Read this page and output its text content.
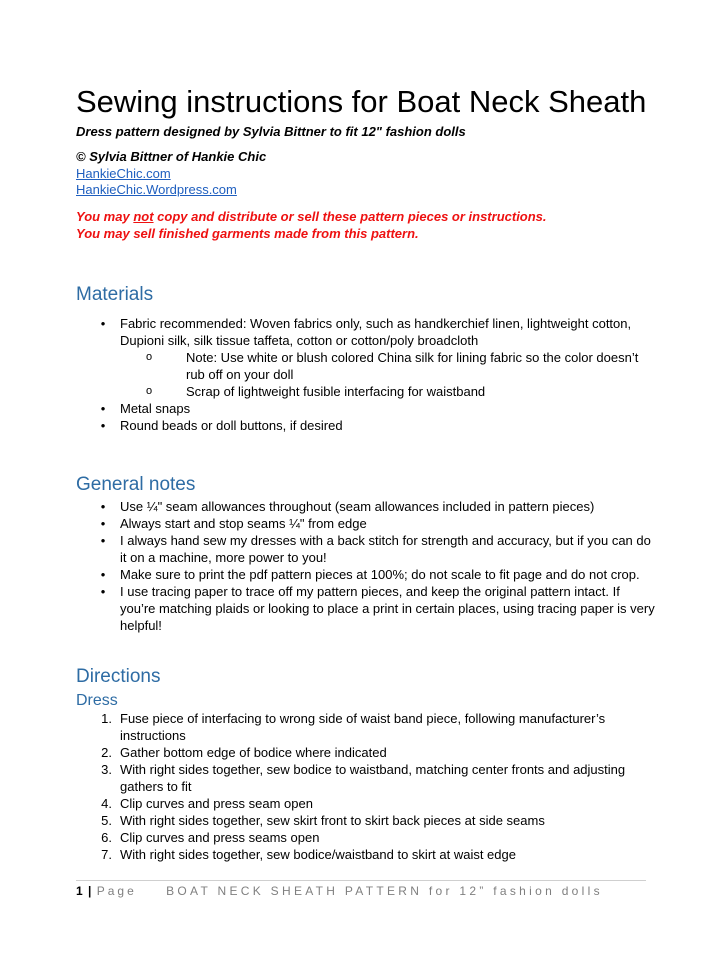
Sewing instructions for Boat Neck Sheath
Dress pattern designed by Sylvia Bittner to fit 12" fashion dolls
© Sylvia Bittner of Hankie Chic
HankieChic.com
HankieChic.Wordpress.com
You may not copy and distribute or sell these pattern pieces or instructions.
You may sell finished garments made from this pattern.
Materials
•	Fabric recommended: Woven fabrics only, such as handkerchief linen, lightweight cotton, Dupioni silk, silk tissue taffeta, cotton or cotton/poly broadcloth
o	Note: Use white or blush colored China silk for lining fabric so the color doesn’t rub off on your doll
o	Scrap of lightweight fusible interfacing for waistband
•	Metal snaps
•	Round beads or doll buttons, if desired
General notes
•	Use ¼" seam allowances throughout (seam allowances included in pattern pieces)
•	Always start and stop seams ¼" from edge
•	I always hand sew my dresses with a back stitch for strength and accuracy, but if you can do it on a machine, more power to you!
•	Make sure to print the pdf pattern pieces at 100%; do not scale to fit page and do not crop.
•	I use tracing paper to trace off my pattern pieces, and keep the original pattern intact. If you’re matching plaids or looking to place a print in certain places, using tracing paper is very helpful!
Directions
Dress
1. Fuse piece of interfacing to wrong side of waist band piece, following manufacturer’s instructions
2. Gather bottom edge of bodice where indicated
3. With right sides together, sew bodice to waistband, matching center fronts and adjusting gathers to fit
4. Clip curves and press seam open
5. With right sides together, sew skirt front to skirt back pieces at side seams
6. Clip curves and press seams open
7. With right sides together, sew bodice/waistband to skirt at waist edge
1 | Page BOAT NECK SHEATH PATTERN for 12” fashion dolls
